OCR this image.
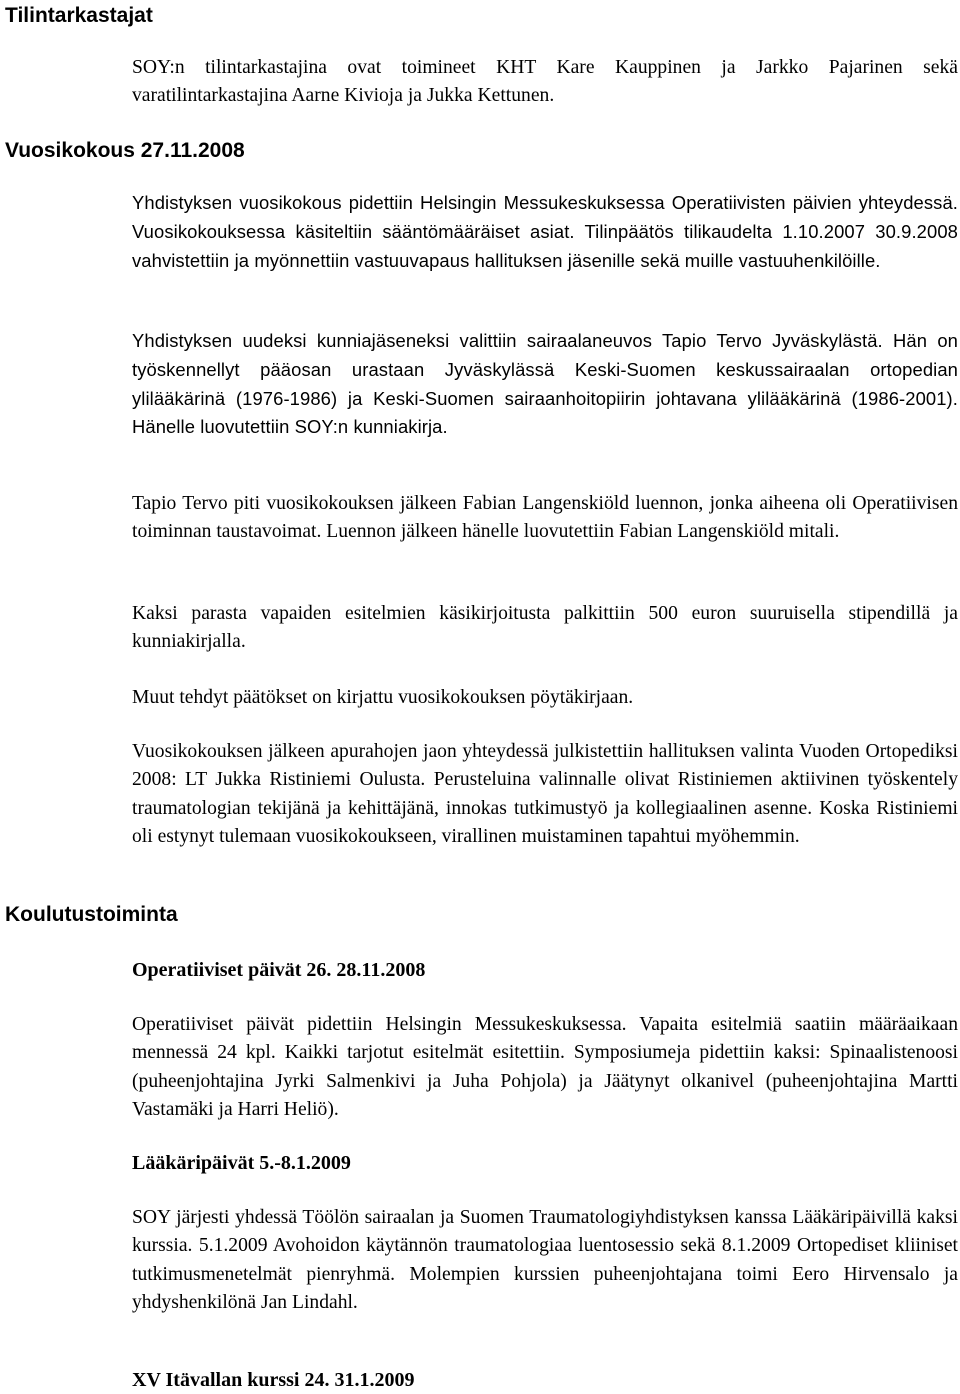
Tilintarkastajat

SOY:n tilintarkastajina ovat toimineet KHT Kare Kauppinen ja Jarkko Pajarinen sekä varatilintarkastajina Aarne Kivioja ja Jukka Kettunen.

Vuosikokous 27.11.2008

Yhdistyksen vuosikokous pidettiin Helsingin Messukeskuksessa Operatiivisten päivien yhteydessä. Vuosikokouksessa käsiteltiin sääntömääräiset asiat. Tilinpäätös tilikaudelta 1.10.2007 30.9.2008 vahvistettiin ja myönnettiin vastuuvapaus hallituksen jäsenille sekä muille vastuuhenkilöille.

Yhdistyksen uudeksi kunniajäseneksi valittiin sairaalaneuvos Tapio Tervo Jyväskylästä. Hän on työskennellyt pääosan urastaan Jyväskylässä Keski-Suomen keskussairaalan ortopedian ylilääkärinä (1976-1986) ja Keski-Suomen sairaanhoitopiirin johtavana ylilääkärinä (1986-2001). Hänelle luovutettiin SOY:n kunniakirja.

Tapio Tervo piti vuosikokouksen jälkeen Fabian Langenskiöld luennon, jonka aiheena oli Operatiivisen toiminnan taustavoimat. Luennon jälkeen hänelle luovutettiin Fabian Langenskiöld mitali.

Kaksi parasta vapaiden esitelmien käsikirjoitusta palkittiin 500 euron suuruisella stipendillä ja kunniakirjalla.

Muut tehdyt päätökset on kirjattu vuosikokouksen pöytäkirjaan.

Vuosikokouksen jälkeen apurahojen jaon yhteydessä julkistettiin hallituksen valinta Vuoden Ortopediksi 2008: LT Jukka Ristiniemi Oulusta. Perusteluina valinnalle olivat Ristiniemen aktiivinen työskentely traumatologian tekijänä ja kehittäjänä, innokas tutkimustyö ja kollegiaalinen asenne. Koska Ristiniemi oli estynyt tulemaan vuosikokoukseen, virallinen muistaminen tapahtui myöhemmin.

Koulutustoiminta
Operatiiviset päivät 26. 28.11.2008

Operatiiviset päivät pidettiin Helsingin Messukeskuksessa. Vapaita esitelmiä saatiin määräaikaan mennessä 24 kpl. Kaikki tarjotut esitelmät esitettiin. Symposiumeja pidettiin kaksi: Spinaalistenoosi (puheenjohtajina Jyrki Salmenkivi ja Juha Pohjola) ja Jäätynyt olkanivel (puheenjohtajina Martti Vastamäki ja Harri Heliö).

Lääkäripäivät 5.-8.1.2009

SOY järjesti yhdessä Töölön sairaalan ja Suomen Traumatologiyhdistyksen kanssa Lääkäripäivillä kaksi kurssia. 5.1.2009 Avohoidon käytännön traumatologiaa luentosessio sekä 8.1.2009 Ortopediset kliiniset tutkimusmenetelmät pienryhmä. Molempien kurssien puheenjohtajana toimi Eero Hirvensalo ja yhdyshenkilönä Jan Lindahl.

XV Itävallan kurssi 24. 31.1.2009
